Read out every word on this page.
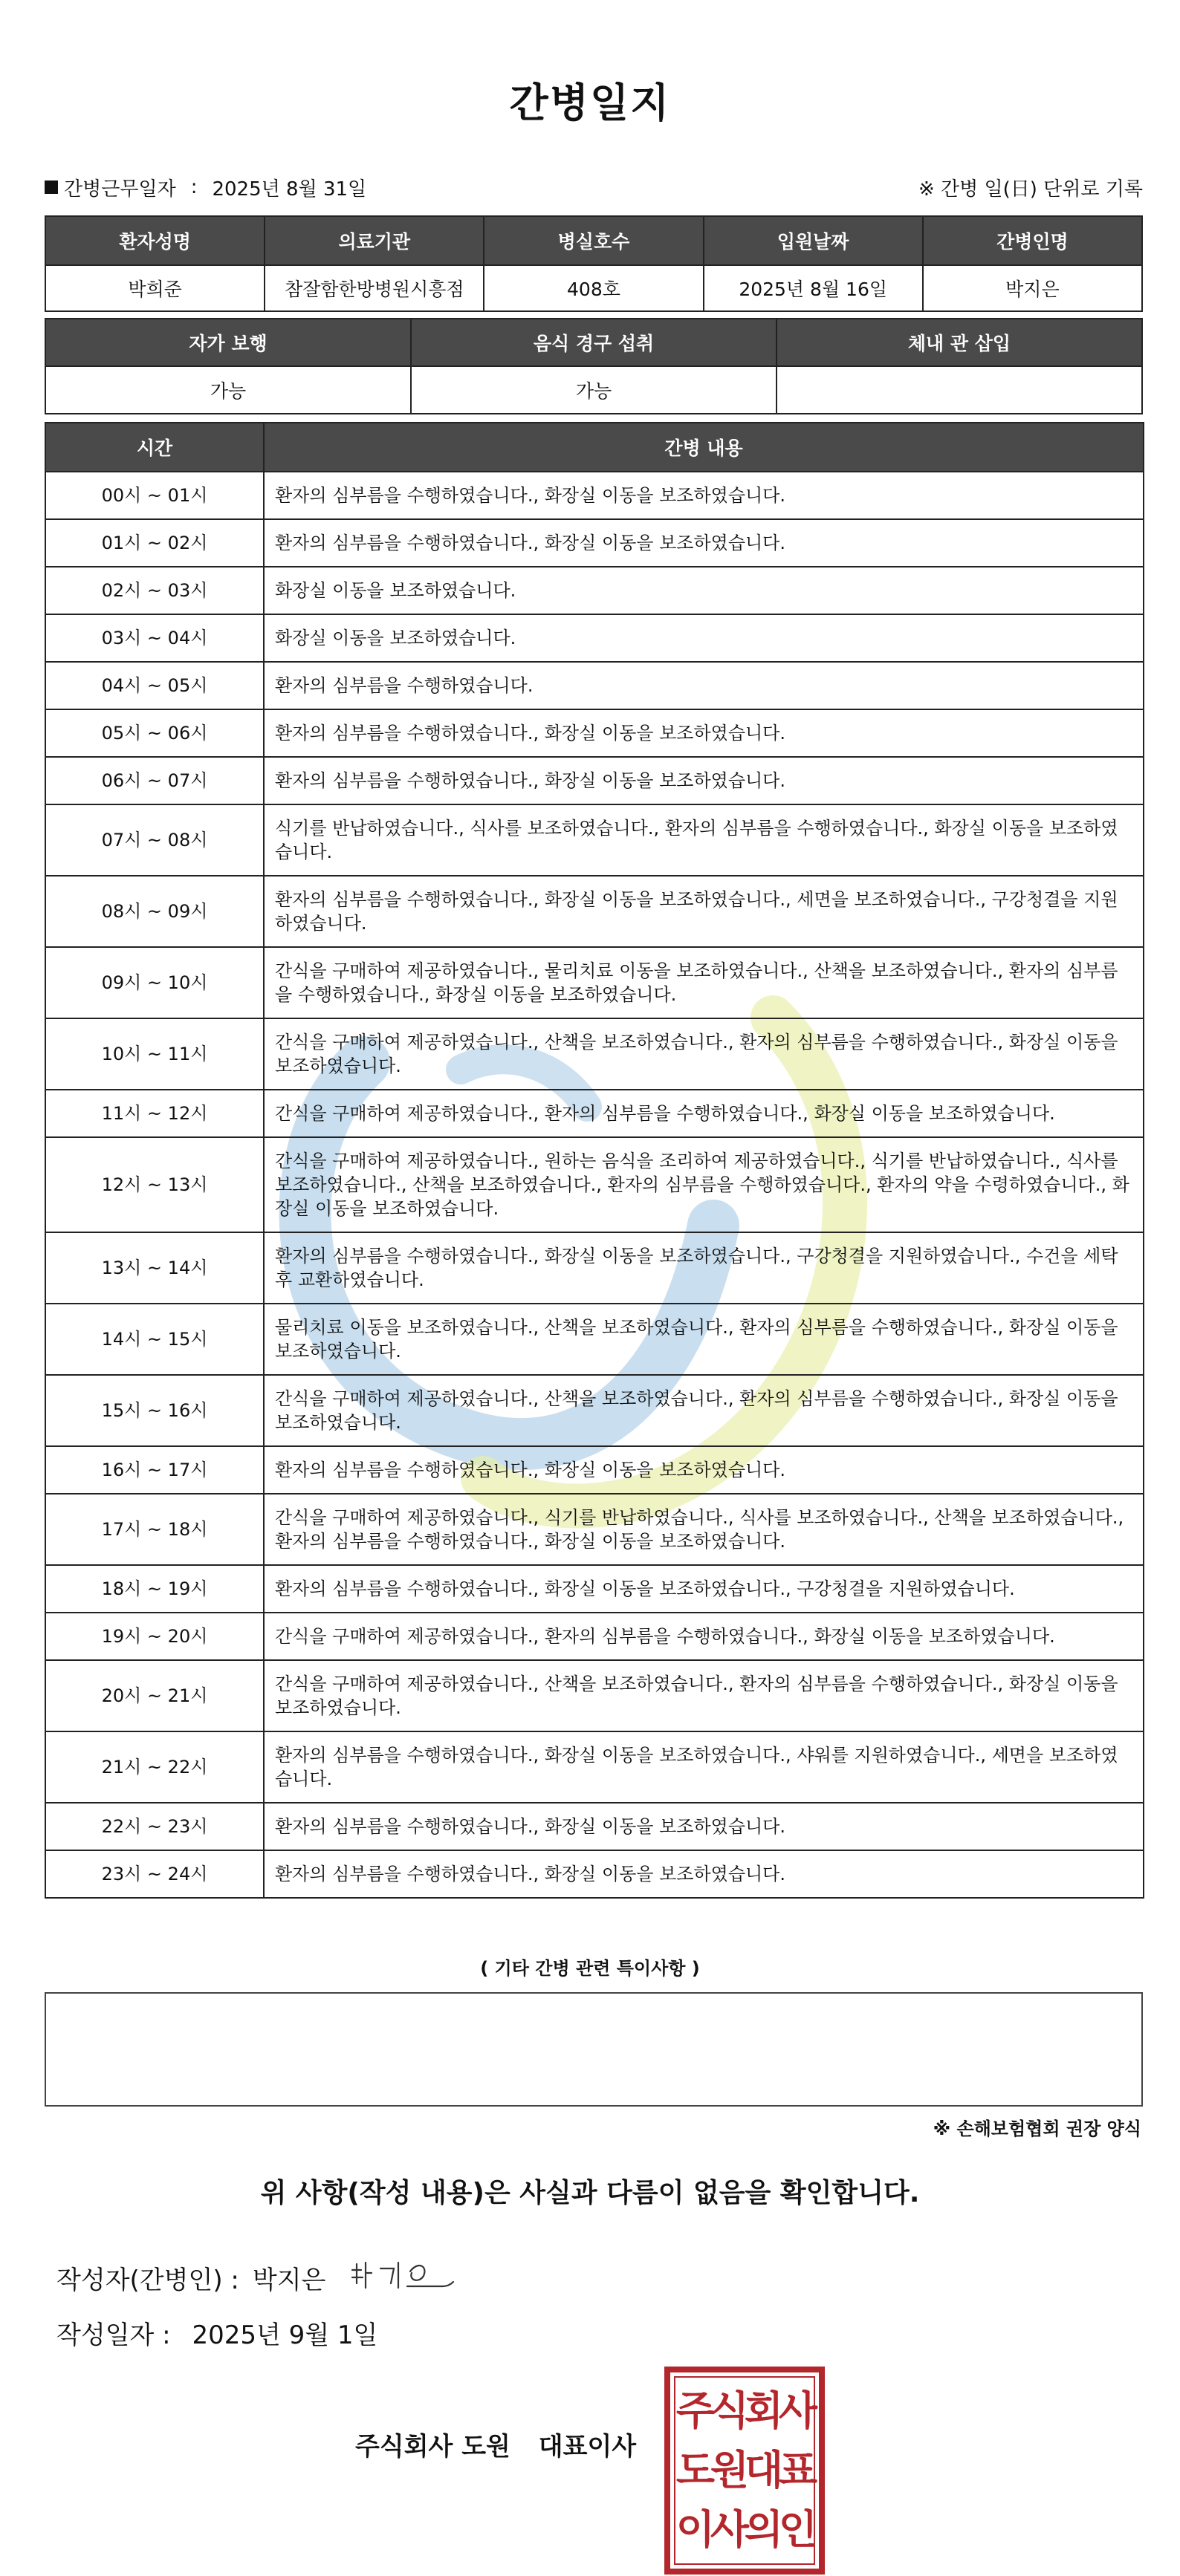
간병일지
간병근무일자 : 2025년 8월 31일	※ 간병 일(日) 단위로 기록
환자성명	의료기관	병실호수	입원날짜	간병인명
박희준	참잘함한방병원시흥점	408호	2025년 8월 16일	박지은
자가 보행	음식 경구 섭취	체내 관 삽입
가능	가능	
시간	간병 내용
00시 ~ 01시	환자의 심부름을 수행하였습니다., 화장실 이동을 보조하였습니다.
01시 ~ 02시	환자의 심부름을 수행하였습니다., 화장실 이동을 보조하였습니다.
02시 ~ 03시	화장실 이동을 보조하였습니다.
03시 ~ 04시	화장실 이동을 보조하였습니다.
04시 ~ 05시	환자의 심부름을 수행하였습니다.
05시 ~ 06시	환자의 심부름을 수행하였습니다., 화장실 이동을 보조하였습니다.
06시 ~ 07시	환자의 심부름을 수행하였습니다., 화장실 이동을 보조하였습니다.
07시 ~ 08시	식기를 반납하였습니다., 식사를 보조하였습니다., 환자의 심부름을 수행하였습니다., 화장실 이동을 보조하였습니다.
08시 ~ 09시	환자의 심부름을 수행하였습니다., 화장실 이동을 보조하였습니다., 세면을 보조하였습니다., 구강청결을 지원하였습니다.
09시 ~ 10시	간식을 구매하여 제공하였습니다., 물리치료 이동을 보조하였습니다., 산책을 보조하였습니다., 환자의 심부름을 수행하였습니다., 화장실 이동을 보조하였습니다.
10시 ~ 11시	간식을 구매하여 제공하였습니다., 산책을 보조하였습니다., 환자의 심부름을 수행하였습니다., 화장실 이동을 보조하였습니다.
11시 ~ 12시	간식을 구매하여 제공하였습니다., 환자의 심부름을 수행하였습니다., 화장실 이동을 보조하였습니다.
12시 ~ 13시	간식을 구매하여 제공하였습니다., 원하는 음식을 조리하여 제공하였습니다., 식기를 반납하였습니다., 식사를 보조하였습니다., 산책을 보조하였습니다., 환자의 심부름을 수행하였습니다., 환자의 약을 수령하였습니다., 화장실 이동을 보조하였습니다.
13시 ~ 14시	환자의 심부름을 수행하였습니다., 화장실 이동을 보조하였습니다., 구강청결을 지원하였습니다., 수건을 세탁 후 교환하였습니다.
14시 ~ 15시	물리치료 이동을 보조하였습니다., 산책을 보조하였습니다., 환자의 심부름을 수행하였습니다., 화장실 이동을 보조하였습니다.
15시 ~ 16시	간식을 구매하여 제공하였습니다., 산책을 보조하였습니다., 환자의 심부름을 수행하였습니다., 화장실 이동을 보조하였습니다.
16시 ~ 17시	환자의 심부름을 수행하였습니다., 화장실 이동을 보조하였습니다.
17시 ~ 18시	간식을 구매하여 제공하였습니다., 식기를 반납하였습니다., 식사를 보조하였습니다., 산책을 보조하였습니다., 환자의 심부름을 수행하였습니다., 화장실 이동을 보조하였습니다.
18시 ~ 19시	환자의 심부름을 수행하였습니다., 화장실 이동을 보조하였습니다., 구강청결을 지원하였습니다.
19시 ~ 20시	간식을 구매하여 제공하였습니다., 환자의 심부름을 수행하였습니다., 화장실 이동을 보조하였습니다.
20시 ~ 21시	간식을 구매하여 제공하였습니다., 산책을 보조하였습니다., 환자의 심부름을 수행하였습니다., 화장실 이동을 보조하였습니다.
21시 ~ 22시	환자의 심부름을 수행하였습니다., 화장실 이동을 보조하였습니다., 샤워를 지원하였습니다., 세면을 보조하였습니다.
22시 ~ 23시	환자의 심부름을 수행하였습니다., 화장실 이동을 보조하였습니다.
23시 ~ 24시	환자의 심부름을 수행하였습니다., 화장실 이동을 보조하였습니다.
( 기타 간병 관련 특이사항 )
※ 손해보험협회 권장 양식
위 사항(작성 내용)은 사실과 다름이 없음을 확인합니다.
작성자(간병인) : 박지은
작성일자 : 2025년 9월 1일
주식회사 도원 대표이사
주
식
회
사
도
원
대
표
이
사
의
인
